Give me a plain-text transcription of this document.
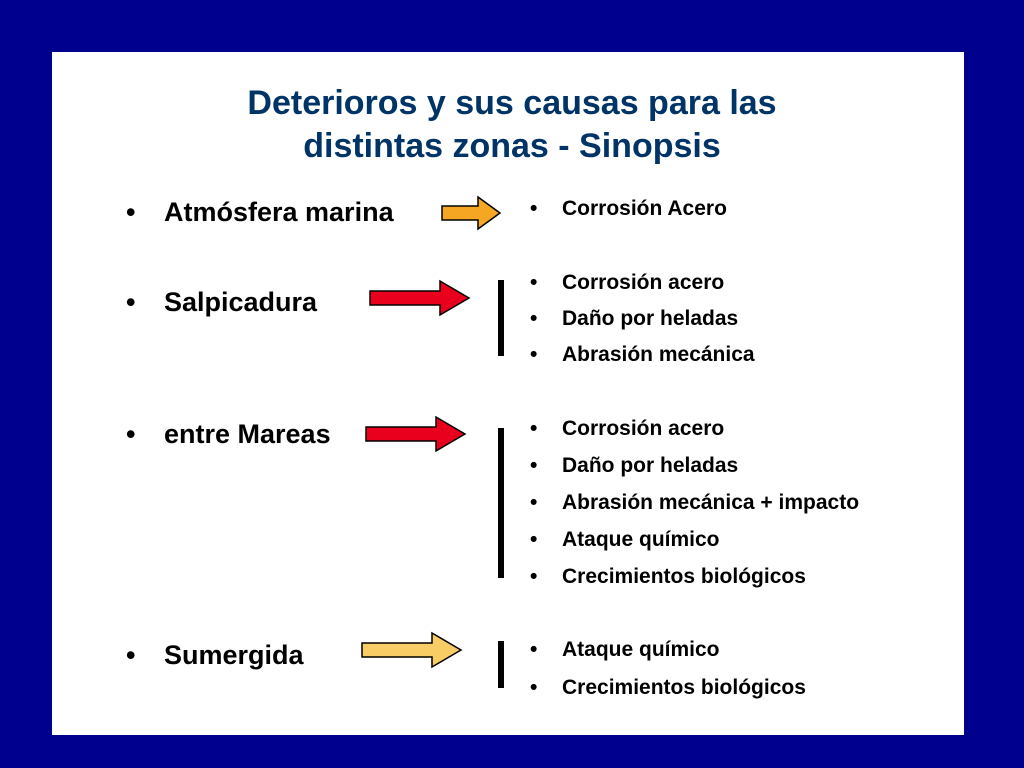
Deterioros y sus causas para las
distintas zonas - Sinopsis
• Atmósfera marina	• Corrosión Acero
• Salpicadura
• Corrosión acero
• Daño por heladas
• Abrasión mecánica
• entre Mareas	• Corrosión acero
• Daño por heladas
• Abrasión mecánica + impacto
• Ataque químico
• Crecimientos biológicos
• Sumergida	• Ataque químico
• Crecimientos biológicos
